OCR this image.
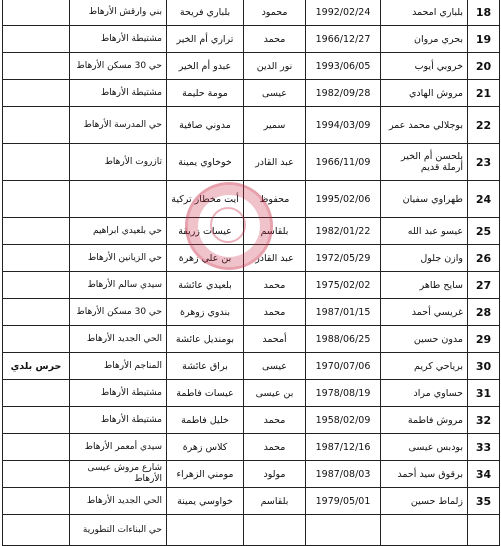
18	بلباري امحمد	1992/02/24	محمود	بلباري فريحة	بني وارقش الأرهاط	
19	بحري مروان	1966/12/27	محمد	تراري أم الخير	مشتيطة الأرهاط	
20	خروبي أيوب	1993/06/05	نور الدين	عبدو أم الخير	حي 30 مسكن الأرهاط	
21	مروش الهادي	1982/09/28	عيسى	مومة حليمة	مشتيطة الأرهاط	
22	بوجلالي محمد عمر	1994/03/09	سمير	مدوني صافية	حي المدرسة الأرهاط	
23	بلحسن أم الخير أرملة قديم	1966/11/09	عبد القادر	خوخاوي يمينة	تازروت الأرهاط	
24	طهراوي سفيان	1995/02/06	محفوظ	أيت مخطار تركية		
25	عيسو عبد الله	1982/01/22	بلقاسم	عيسات زريقة	حي بلعيدي ابراهيم	
26	وازن جلول	1972/05/29	عبد القادر	بن علي زهرة	حي الزيانين الأرهاط	
27	سايح طاهر	1975/02/02	محمد	بلعيدي عائشة	سيدي سالم الأرهاط	
28	غريسي أحمد	1987/01/15	محمد	بندوي زوهرة	حي 30 مسكن الأرهاط	
29	مدون حسين	1988/06/25	أمحمد	بومنديل عائشة	الحي الجديد الأرهاط	
30	برياحي كريم	1970/07/06	عيسى	براق عائشة	المناجم الأرهاط	حرس بلدي
31	حساوي مراد	1978/08/19	بن عيسى	عيسات فاطمة	مشتيطة الأرهاط	
32	مروش فاطمة	1958/02/09	محمد	خليل فاطمة	مشتيطة الأرهاط	
33	بودبس عيسى	1987/12/16	محمد	كلاس زهرة	سيدي أمعمر الأرهاط	
34	برقوق سيد أحمد	1987/08/03	مولود	مومني الزهراء	شارع مروش عيسى الأرهاط	
35	زلماط حسين	1979/05/01	بلقاسم	خواوسي يمينة	الحي الجديد الأرهاط	
					حي البناءات التطورية	
